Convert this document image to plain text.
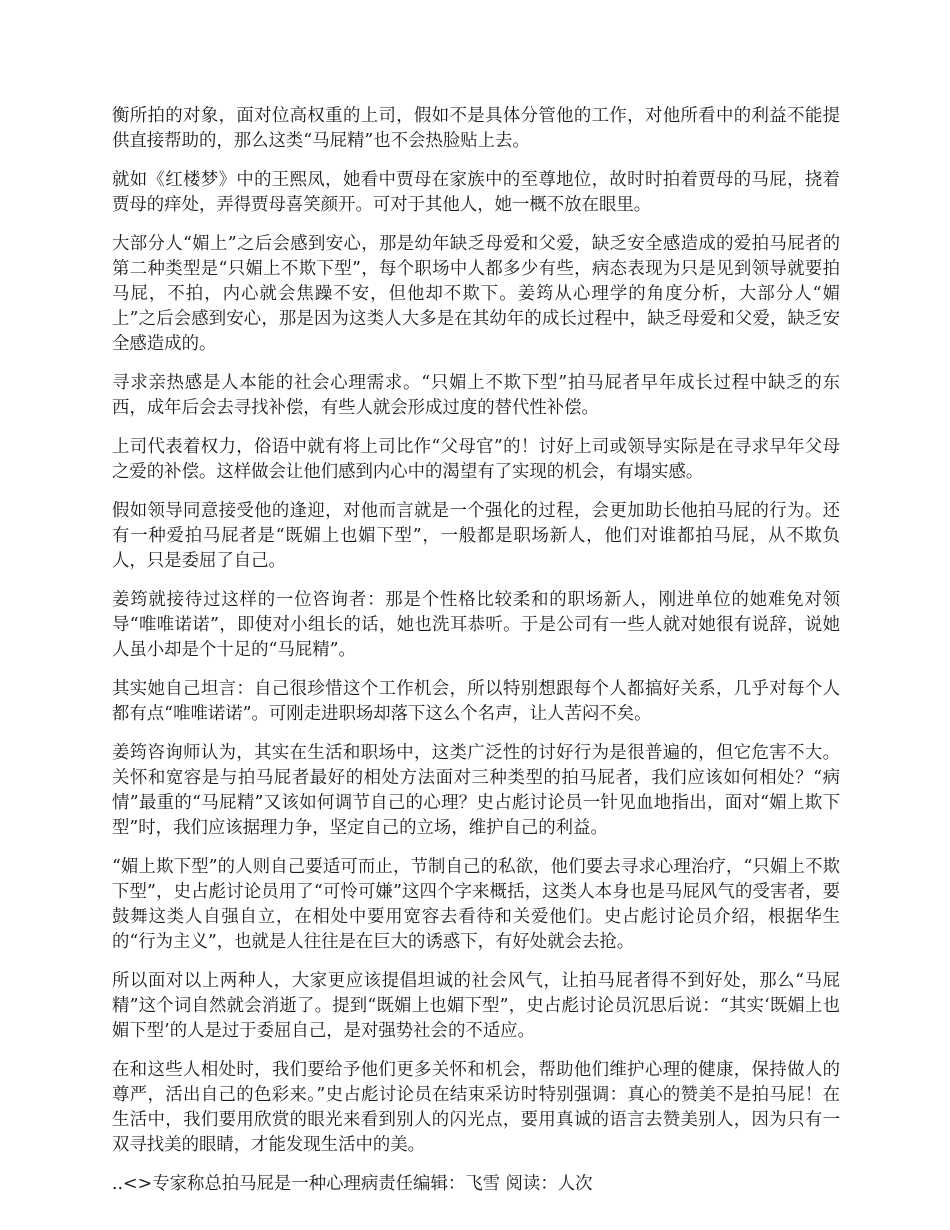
衡所拍的对象，面对位高权重的上司，假如不是具体分管他的工作，对他所看中的利益不能提供直接帮助的，那么这类“马屁精”也不会热脸贴上去。

就如《红楼梦》中的王熙凤，她看中贾母在家族中的至尊地位，故时时拍着贾母的马屁，挠着贾母的痒处，弄得贾母喜笑颜开。可对于其他人，她一概不放在眼里。

大部分人“媚上”之后会感到安心，那是幼年缺乏母爱和父爱，缺乏安全感造成的爱拍马屁者的第二种类型是“只媚上不欺下型”，每个职场中人都多少有些，病态表现为只是见到领导就要拍马屁，不拍，内心就会焦躁不安，但他却不欺下。姜筠从心理学的角度分析，大部分人“媚上”之后会感到安心，那是因为这类人大多是在其幼年的成长过程中，缺乏母爱和父爱，缺乏安全感造成的。

寻求亲热感是人本能的社会心理需求。“只媚上不欺下型”拍马屁者早年成长过程中缺乏的东西，成年后会去寻找补偿，有些人就会形成过度的替代性补偿。

上司代表着权力，俗语中就有将上司比作“父母官”的！讨好上司或领导实际是在寻求早年父母之爱的补偿。这样做会让他们感到内心中的渴望有了实现的机会，有塌实感。

假如领导同意接受他的逢迎，对他而言就是一个强化的过程，会更加助长他拍马屁的行为。还有一种爱拍马屁者是“既媚上也媚下型”，一般都是职场新人，他们对谁都拍马屁，从不欺负人，只是委屈了自己。

姜筠就接待过这样的一位咨询者：那是个性格比较柔和的职场新人，刚进单位的她难免对领导“唯唯诺诺”，即使对小组长的话，她也洗耳恭听。于是公司有一些人就对她很有说辞，说她人虽小却是个十足的“马屁精”。

其实她自己坦言：自己很珍惜这个工作机会，所以特别想跟每个人都搞好关系，几乎对每个人都有点“唯唯诺诺”。可刚走进职场却落下这么个名声，让人苦闷不矣。

姜筠咨询师认为，其实在生活和职场中，这类广泛性的讨好行为是很普遍的，但它危害不大。关怀和宽容是与拍马屁者最好的相处方法面对三种类型的拍马屁者，我们应该如何相处？“病情”最重的“马屁精”又该如何调节自己的心理？史占彪讨论员一针见血地指出，面对“媚上欺下型”时，我们应该据理力争，坚定自己的立场，维护自己的利益。

“媚上欺下型”的人则自己要适可而止，节制自己的私欲，他们要去寻求心理治疗，“只媚上不欺下型”，史占彪讨论员用了“可怜可嫌”这四个字来概括，这类人本身也是马屁风气的受害者，要鼓舞这类人自强自立，在相处中要用宽容去看待和关爱他们。史占彪讨论员介绍，根据华生的“行为主义”，也就是人往往是在巨大的诱惑下，有好处就会去抢。

所以面对以上两种人，大家更应该提倡坦诚的社会风气，让拍马屁者得不到好处，那么“马屁精”这个词自然就会消逝了。提到“既媚上也媚下型”，史占彪讨论员沉思后说：“其实‘既媚上也媚下型’的人是过于委屈自己，是对强势社会的不适应。

在和这些人相处时，我们要给予他们更多关怀和机会，帮助他们维护心理的健康，保持做人的尊严，活出自己的色彩来。”史占彪讨论员在结束采访时特别强调：真心的赞美不是拍马屁！在生活中，我们要用欣赏的眼光来看到别人的闪光点，要用真诚的语言去赞美别人，因为只有一双寻找美的眼睛，才能发现生活中的美。

..<>专家称总拍马屁是一种心理病责任编辑：飞雪 阅读：人次
